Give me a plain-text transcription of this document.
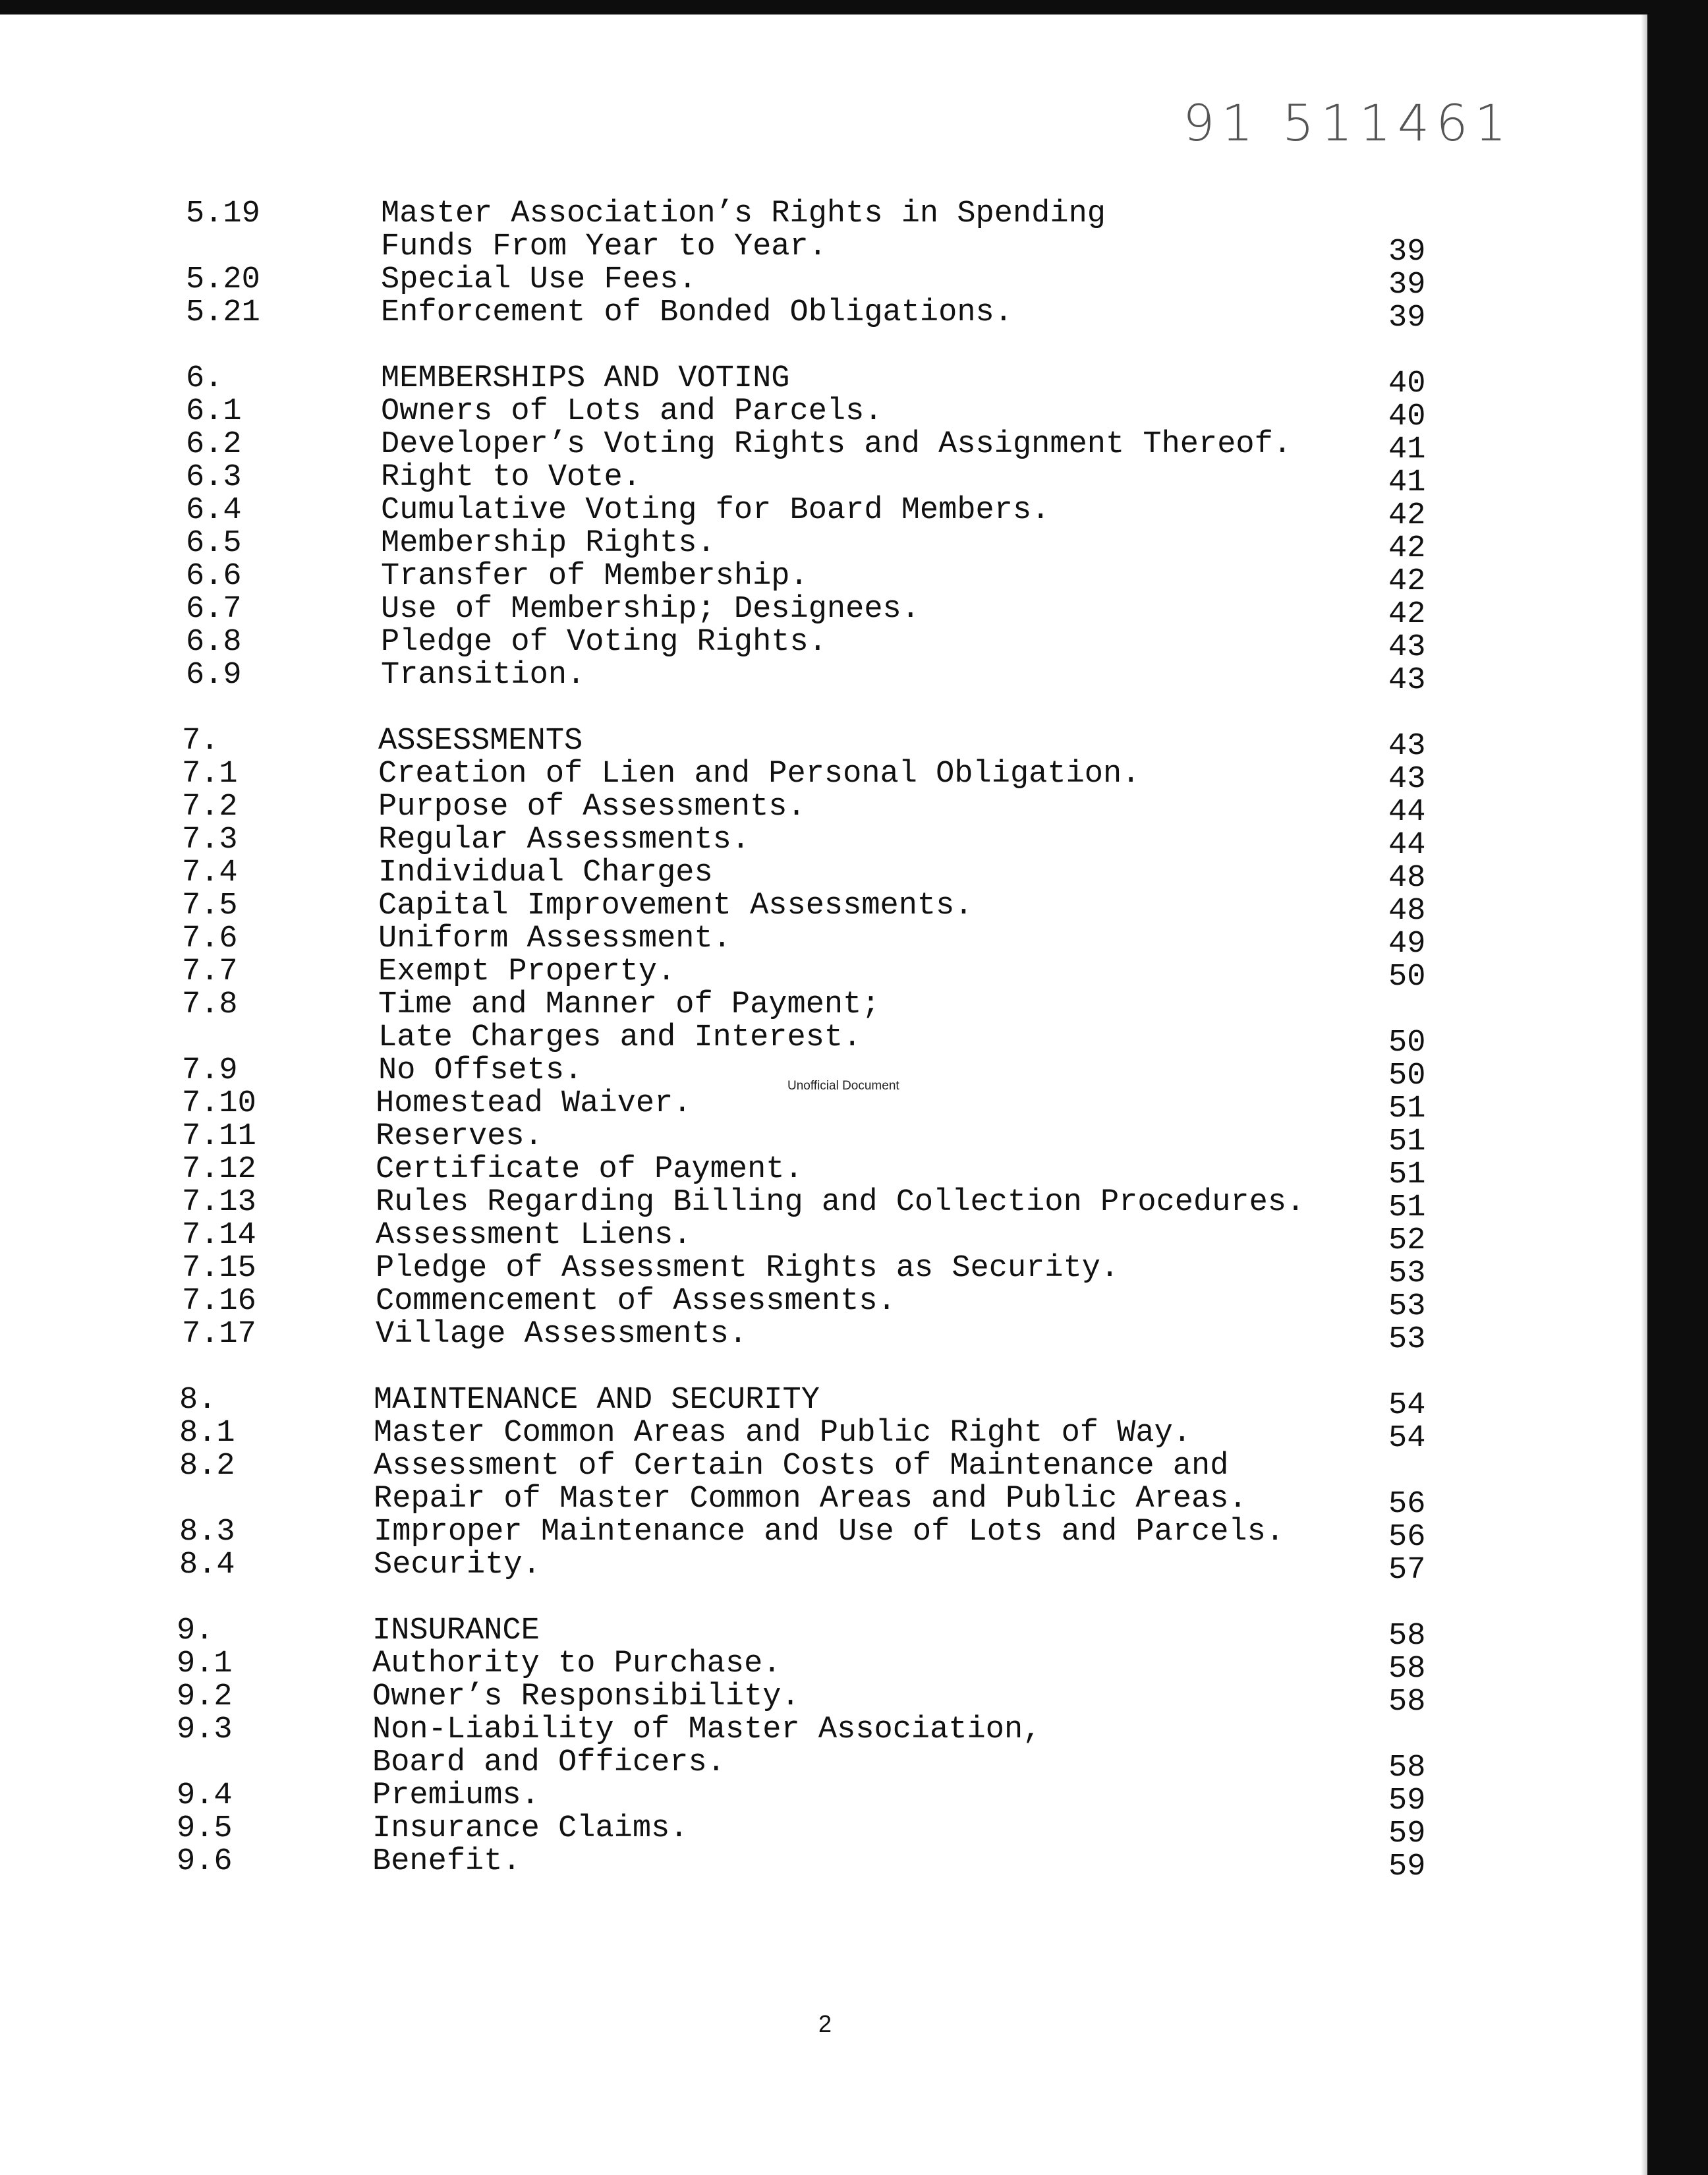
91 511461
5.19	Master Association’s Rights in Spending
Funds From Year to Year.	39
5.20	Special Use Fees.	39
5.21	Enforcement of Bonded Obligations.	39
6.	MEMBERSHIPS AND VOTING	40
6.1	Owners of Lots and Parcels.	40
6.2	Developer’s Voting Rights and Assignment Thereof.	41
6.3	Right to Vote.	41
6.4	Cumulative Voting for Board Members.	42
6.5	Membership Rights.	42
6.6	Transfer of Membership.	42
6.7	Use of Membership; Designees.	42
6.8	Pledge of Voting Rights.	43
6.9	Transition.	43
7.	ASSESSMENTS	43
7.1	Creation of Lien and Personal Obligation.	43
7.2	Purpose of Assessments.	44
7.3	Regular Assessments.	44
7.4	Individual Charges	48
7.5	Capital Improvement Assessments.	48
7.6	Uniform Assessment.	49
7.7	Exempt Property.	50
7.8	Time and Manner of Payment;
Late Charges and Interest.	50
7.9	No Offsets.	50
7.10	Homestead Waiver.	51
7.11	Reserves.	51
7.12	Certificate of Payment.	51
7.13	Rules Regarding Billing and Collection Procedures.	51
7.14	Assessment Liens.	52
7.15	Pledge of Assessment Rights as Security.	53
7.16	Commencement of Assessments.	53
7.17	Village Assessments.	53
8.	MAINTENANCE AND SECURITY	54
8.1	Master Common Areas and Public Right of Way.	54
8.2	Assessment of Certain Costs of Maintenance and
Repair of Master Common Areas and Public Areas.	56
8.3	Improper Maintenance and Use of Lots and Parcels.	56
8.4	Security.	57
9.	INSURANCE	58
9.1	Authority to Purchase.	58
9.2	Owner’s Responsibility.	58
9.3	Non-Liability of Master Association,
Board and Officers.	58
9.4	Premiums.	59
9.5	Insurance Claims.	59
9.6	Benefit.	59
Unofficial Document
2
